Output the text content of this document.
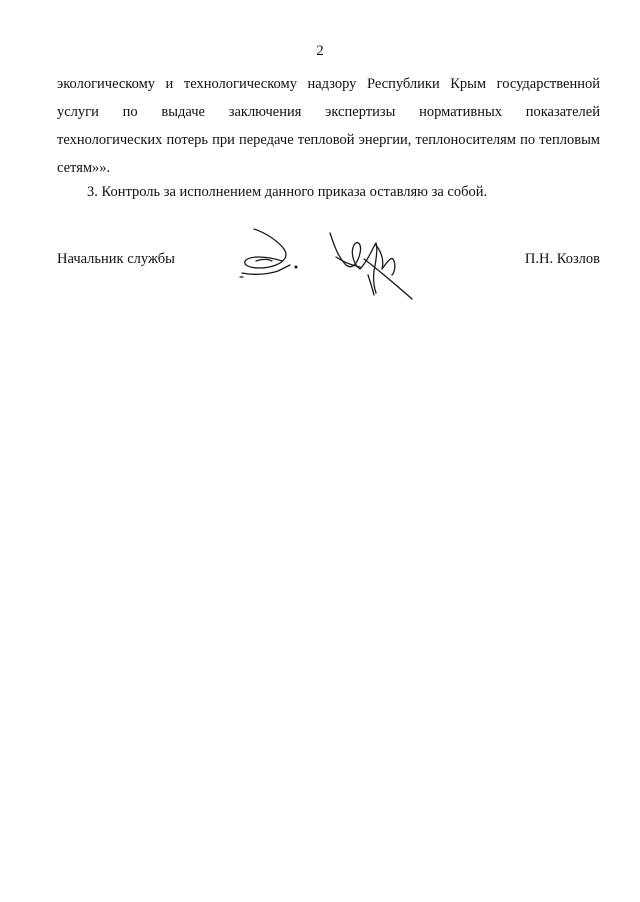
2
экологическому и технологическому надзору Республики Крым государственной
услуги по выдаче заключения экспертизы нормативных показателей
технологических потерь при передаче тепловой энергии, теплоносителям по тепловым
сетям»».
3. Контроль за исполнением данного приказа оставляю за собой.
Начальник службы	П.Н. Козлов
